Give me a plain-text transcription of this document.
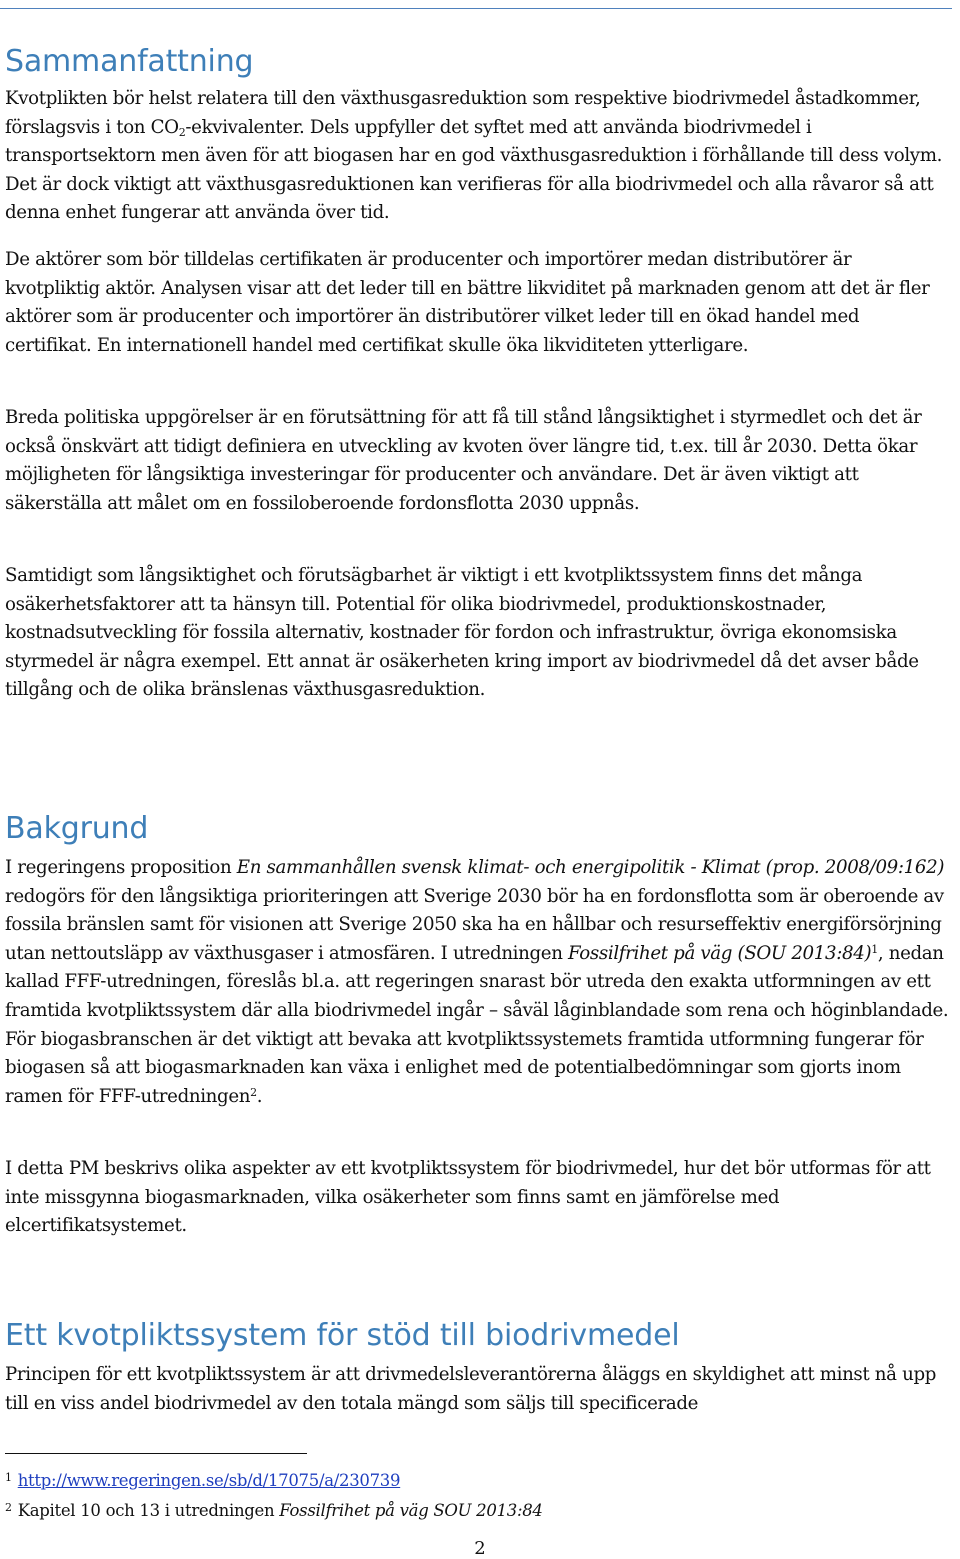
Sammanfattning

Kvotplikten bör helst relatera till den växthusgasreduktion som respektive biodrivmedel åstadkommer, förslagsvis i ton $CO_2$-ekvivalenter. Dels uppfyller det syftet med att använda biodrivmedel i transportsektorn men även för att biogasen har en god växthusgasreduktion i förhållande till dess volym. Det är dock viktigt att växthusgasreduktionen kan verifieras för alla biodrivmedel och alla råvaror så att denna enhet fungerar att använda över tid.

De aktörer som bör tilldelas certifikaten är producenter och importörer medan distributörer är kvotpliktig aktör. Analysen visar att det leder till en bättre likviditet på marknaden genom att det är fler aktörer som är producenter och importörer än distributörer vilket leder till en ökad handel med certifikat. En internationell handel med certifikat skulle öka likviditeten ytterligare.

Breda politiska uppgörelser är en förutsättning för att få till stånd långsiktighet i styrmedlet och det är också önskvärt att tidigt definiera en utveckling av kvoten över längre tid, t.ex. till år 2030. Detta ökar möjligheten för långsiktiga investeringar för producenter och användare. Det är även viktigt att säkerställa att målet om en fossiloberoende fordonsflotta 2030 uppnås.

Samtidigt som långsiktighet och förutsägbarhet är viktigt i ett kvotpliktssystem finns det många osäkerhetsfaktorer att ta hänsyn till. Potential för olika biodrivmedel, produktionskostnader, kostnadsutveckling för fossila alternativ, kostnader för fordon och infrastruktur, övriga ekonomsiska styrmedel är några exempel. Ett annat är osäkerheten kring import av biodrivmedel då det avser både tillgång och de olika bränslenas växthusgasreduktion.

Bakgrund

I regeringens proposition En sammanhållen svensk klimat- och energipolitik - Klimat (prop. 2008/09:162) redogörs för den långsiktiga prioriteringen att Sverige 2030 bör ha en fordonsflotta som är oberoende av fossila bränslen samt för visionen att Sverige 2050 ska ha en hållbar och resurseffektiv energiförsörjning utan nettoutsläpp av växthusgaser i atmosfären. I utredningen Fossilfrihet på väg (SOU 2013:84)$^1$, nedan kallad FFF-utredningen, föreslås bl.a. att regeringen snarast bör utreda den exakta utformningen av ett framtida kvotpliktssystem där alla biodrivmedel ingår – såväl låginblandade som rena och höginblandade. För biogasbranschen är det viktigt att bevaka att kvotpliktssystemets framtida utformning fungerar för biogasen så att biogasmarknaden kan växa i enlighet med de potentialbedömningar som gjorts inom ramen för FFF-utredningen$^2$.

I detta PM beskrivs olika aspekter av ett kvotpliktssystem för biodrivmedel, hur det bör utformas för att inte missgynna biogasmarknaden, vilka osäkerheter som finns samt en jämförelse med elcertifikatsystemet.

Ett kvotpliktssystem för stöd till biodrivmedel

Principen för ett kvotpliktssystem är att drivmedelsleverantörerna åläggs en skyldighet att minst nå upp till en viss andel biodrivmedel av den totala mängd som säljs till specificerade

$^1$ http://www.regeringen.se/sb/d/17075/a/230739

$^2$ Kapitel 10 och 13 i utredningen Fossilfrihet på väg SOU 2013:84

2
